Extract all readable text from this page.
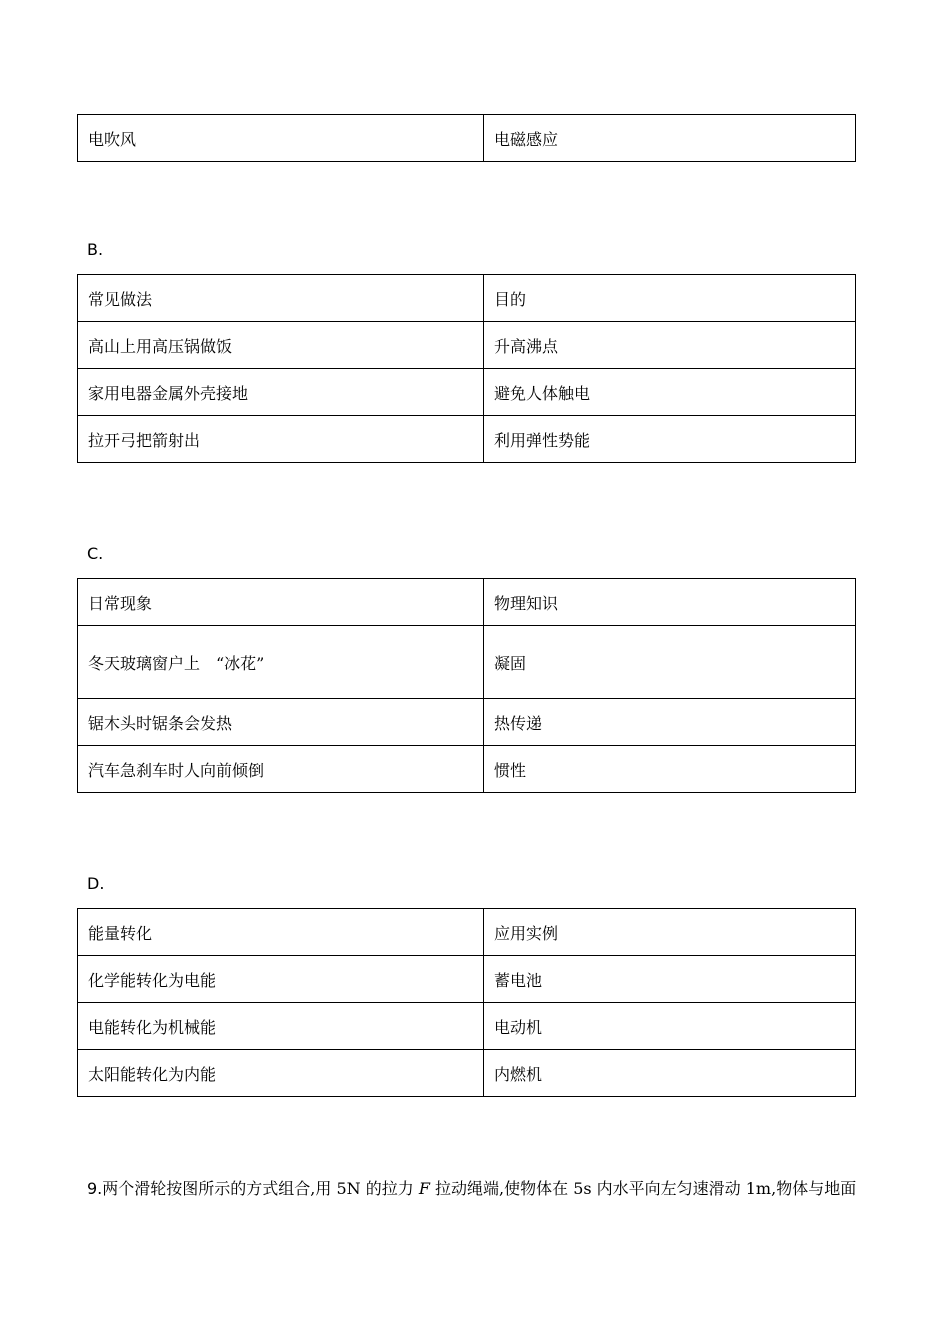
电吹风	电磁感应
B.
常见做法	目的
高山上用高压锅做饭	升高沸点
家用电器金属外壳接地	避免人体触电
拉开弓把箭射出	利用弹性势能
C.
日常现象	物理知识
冬天玻璃窗户上　“冰花”	凝固
锯木头时锯条会发热	热传递
汽车急刹车时人向前倾倒	惯性
D.
能量转化	应用实例
化学能转化为电能	蓄电池
电能转化为机械能	电动机
太阳能转化为内能	内燃机
9.两个滑轮按图所示的方式组合,用 5N 的拉力 F 拉动绳端,使物体在 5s 内水平向左匀速滑动 1m,物体与地面
